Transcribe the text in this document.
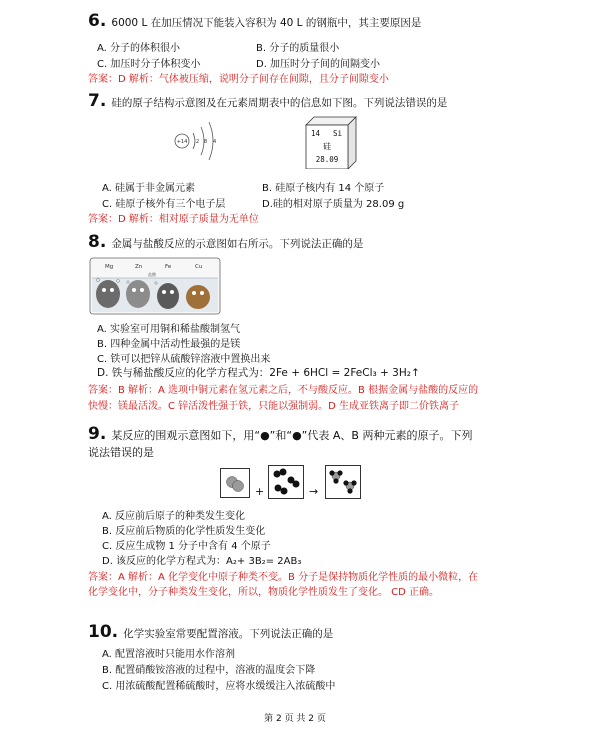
6. 6000 L 在加压情况下能装入容积为 40 L 的钢瓶中，其主要原因是
A. 分子的体积很小	B. 分子的质量很小
C. 加压时分子体积变小	D. 加压时分子间的间隔变小
答案：D 解析：气体被压缩，说明分子间存在间隙，且分子间隙变小
7. 硅的原子结构示意图及在元素周期表中的信息如下图。下列说法错误的是
+14 2 8 4
14 Si
硅
28.09
A. 硅属于非金属元素	B. 硅原子核内有 14 个原子
C. 硅原子核外有三个电子层	D.硅的相对原子质量为 28.09 g
答案：D 解析：相对原子质量为无单位
8. 金属与盐酸反应的示意图如右所示。下列说法正确的是
Mg	Zn	Fe	Cu
盐酸
A. 实验室可用铜和稀盐酸制氢气
B. 四种金属中活动性最强的是镁
C. 铁可以把锌从硫酸锌溶液中置换出来
D. 铁与稀盐酸反应的化学方程式为：2Fe + 6HCl = 2FeCl₃ + 3H₂↑
答案：B 解析：A 选项中铜元素在氢元素之后，不与酸反应。B 根据金属与盐酸的反应的
快慢：镁最活泼。C 锌活泼性强于铁，只能以强制弱。D 生成亚铁离子即二价铁离子
9. 某反应的围观示意图如下，用“●”和“●”代表 A、B 两种元素的原子。下列
说法错误的是
+	→
A. 反应前后原子的种类发生变化
B. 反应前后物质的化学性质发生变化
C. 反应生成物 1 分子中含有 4 个原子
D. 该反应的化学方程式为：A₂+ 3B₂= 2AB₃
答案：A 解析：A 化学变化中原子种类不变。B 分子是保持物质化学性质的最小微粒，在
化学变化中，分子种类发生变化，所以，物质化学性质发生了变化。 CD 正确。
10. 化学实验室常要配置溶液。下列说法正确的是
A. 配置溶液时只能用水作溶剂
B. 配置硝酸铵溶液的过程中，溶液的温度会下降
C. 用浓硫酸配置稀硫酸时，应将水缓缓注入浓硫酸中
第 2 页 共 2 页
